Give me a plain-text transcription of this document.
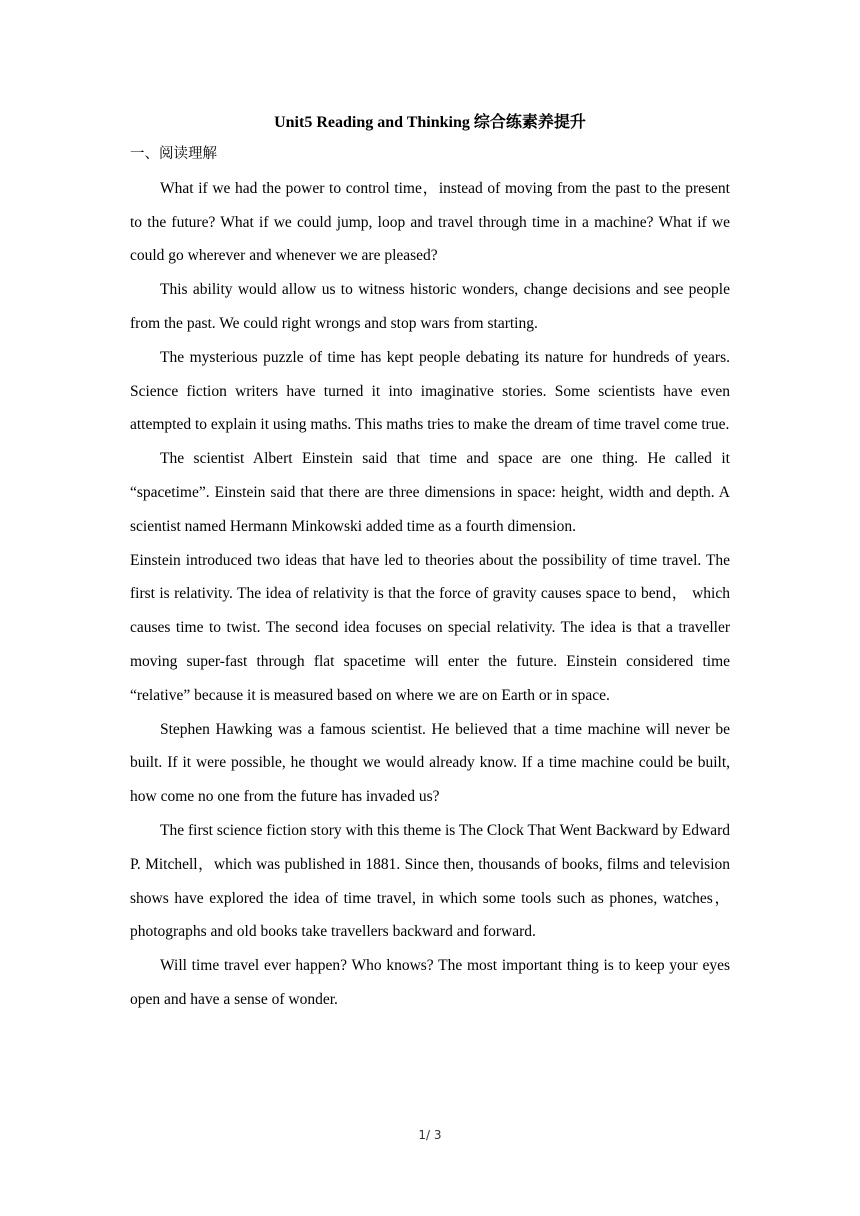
Unit5 Reading and Thinking 综合练素养提升

一、阅读理解

What if we had the power to control time，instead of moving from the past to the present to the future? What if we could jump, loop and travel through time in a machine? What if we could go wherever and whenever we are pleased?

This ability would allow us to witness historic wonders, change decisions and see people from the past. We could right wrongs and stop wars from starting.

The mysterious puzzle of time has kept people debating its nature for hundreds of years. Science fiction writers have turned it into imaginative stories. Some scientists have even attempted to explain it using maths. This maths tries to make the dream of time travel come true.

The scientist Albert Einstein said that time and space are one thing. He called it “spacetime”. Einstein said that there are three dimensions in space: height, width and depth. A scientist named Hermann Minkowski added time as a fourth dimension.

Einstein introduced two ideas that have led to theories about the possibility of time travel. The first is relativity. The idea of relativity is that the force of gravity causes space to bend， which causes time to twist. The second idea focuses on special relativity. The idea is that a traveller moving super-fast through flat spacetime will enter the future. Einstein considered time “relative” because it is measured based on where we are on Earth or in space.

Stephen Hawking was a famous scientist. He believed that a time machine will never be built. If it were possible, he thought we would already know. If a time machine could be built, how come no one from the future has invaded us?

The first science fiction story with this theme is The Clock That Went Backward by Edward P. Mitchell，which was published in 1881. Since then, thousands of books, films and television shows have explored the idea of time travel, in which some tools such as phones, watches， photographs and old books take travellers backward and forward.

Will time travel ever happen? Who knows? The most important thing is to keep your eyes open and have a sense of wonder.

1/ 3
